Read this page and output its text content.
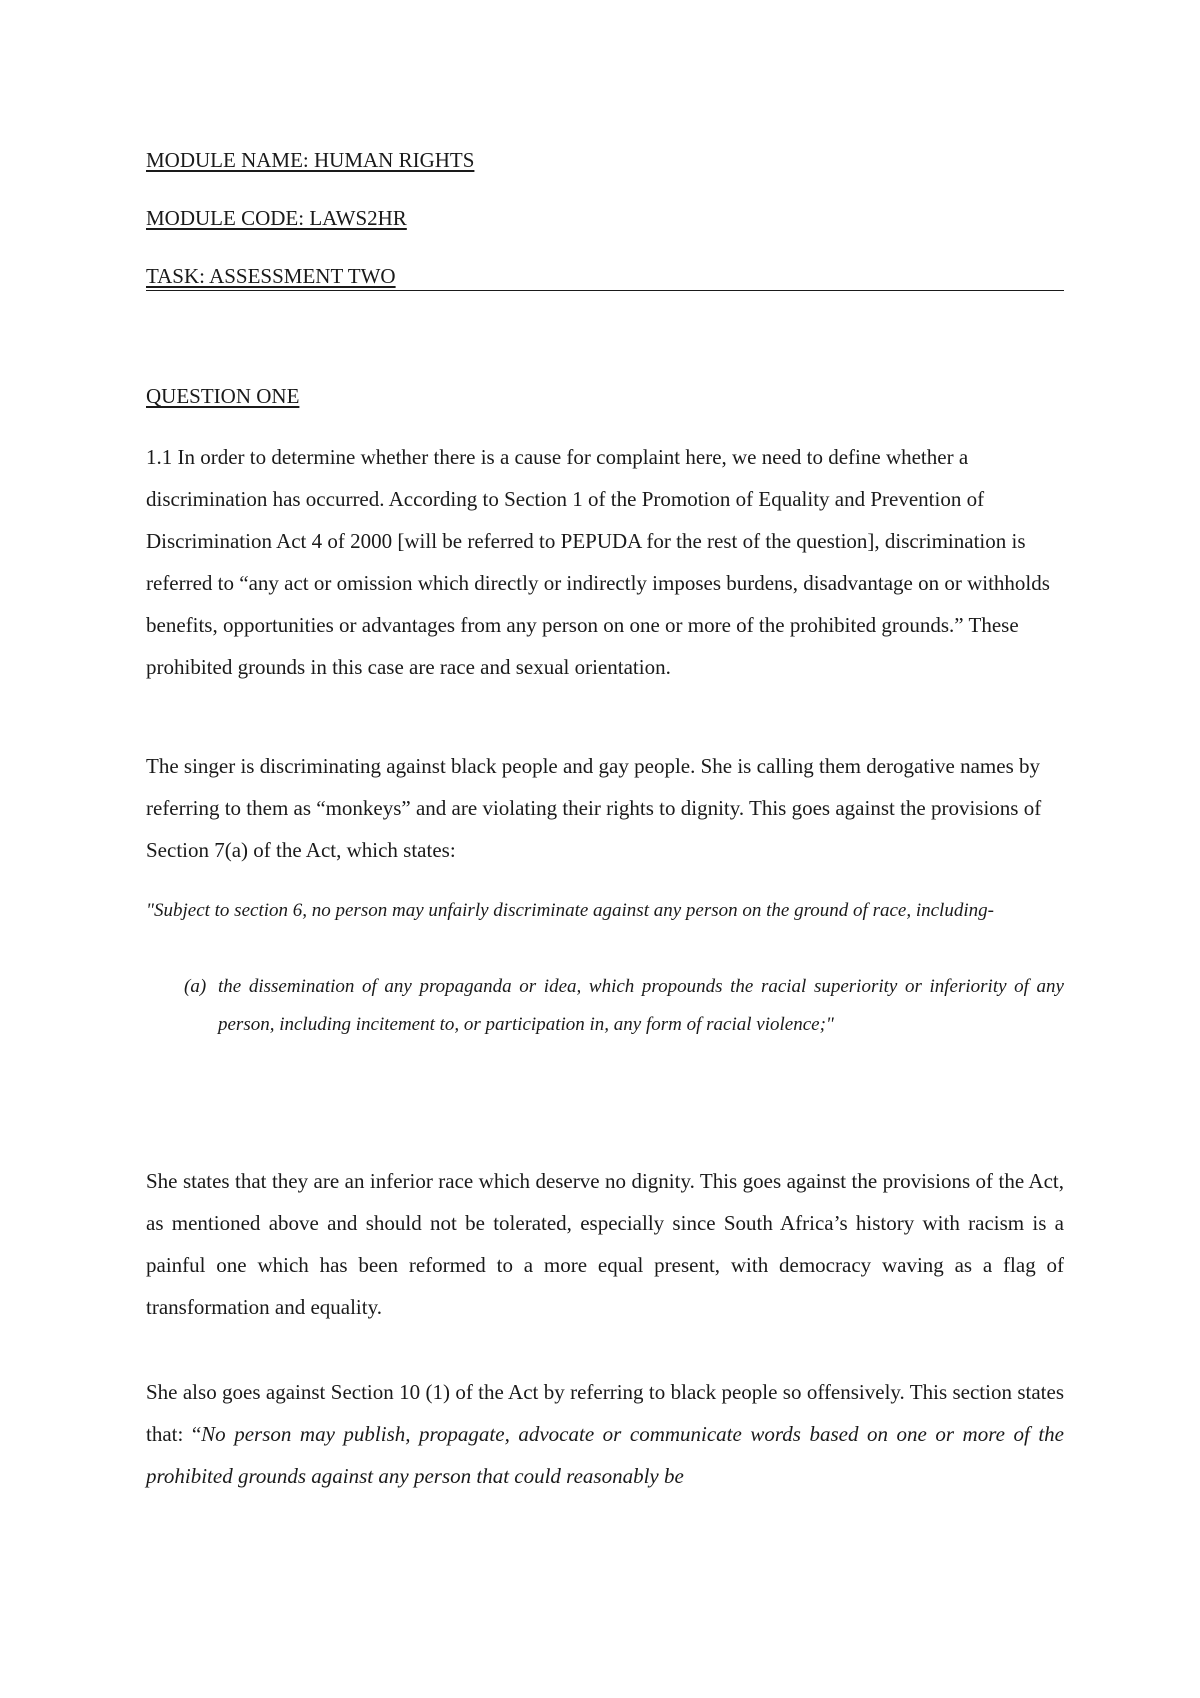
MODULE NAME: HUMAN RIGHTS
MODULE CODE: LAWS2HR
TASK: ASSESSMENT TWO
QUESTION ONE

1.1 In order to determine whether there is a cause for complaint here, we need to define whether a discrimination has occurred. According to Section 1 of the Promotion of Equality and Prevention of Discrimination Act 4 of 2000 [will be referred to PEPUDA for the rest of the question], discrimination is referred to “any act or omission which directly or indirectly imposes burdens, disadvantage on or withholds benefits, opportunities or advantages from any person on one or more of the prohibited grounds.” These prohibited grounds in this case are race and sexual orientation.

The singer is discriminating against black people and gay people. She is calling them derogative names by referring to them as “monkeys” and are violating their rights to dignity. This goes against the provisions of Section 7(a) of the Act, which states:

"Subject to section 6, no person may unfairly discriminate against any person on the ground of race, including-

(a) the dissemination of any propaganda or idea, which propounds the racial superiority or inferiority of any person, including incitement to, or participation in, any form of racial violence;"

She states that they are an inferior race which deserve no dignity. This goes against the provisions of the Act, as mentioned above and should not be tolerated, especially since South Africa’s history with racism is a painful one which has been reformed to a more equal present, with democracy waving as a flag of transformation and equality.

She also goes against Section 10 (1) of the Act by referring to black people so offensively. This section states that: “No person may publish, propagate, advocate or communicate words based on one or more of the prohibited grounds against any person that could reasonably be
